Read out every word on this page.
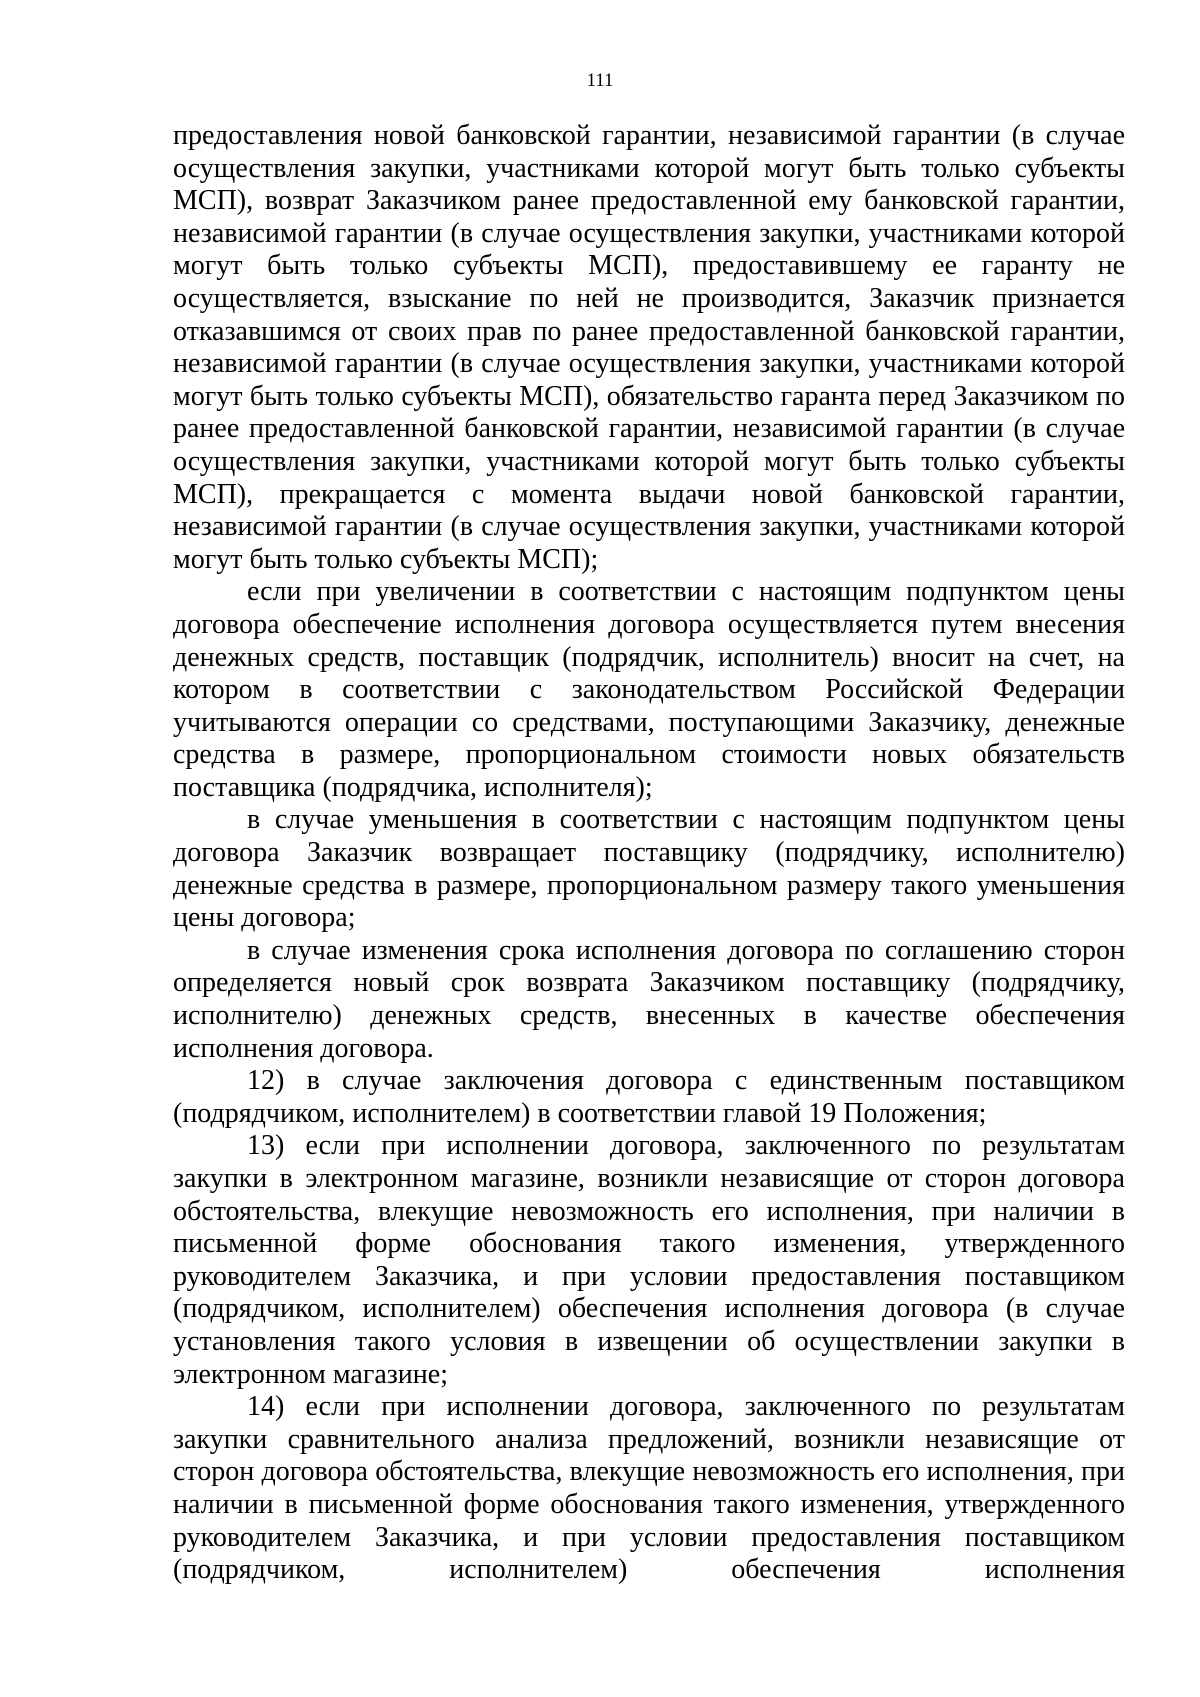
111

предоставления новой банковской гарантии, независимой гарантии (в случае осуществления закупки, участниками которой могут быть только субъекты МСП), возврат Заказчиком ранее предоставленной ему банковской гарантии, независимой гарантии (в случае осуществления закупки, участниками которой могут быть только субъекты МСП), предоставившему ее гаранту не осуществляется, взыскание по ней не производится, Заказчик признается отказавшимся от своих прав по ранее предоставленной банковской гарантии, независимой гарантии (в случае осуществления закупки, участниками которой могут быть только субъекты МСП), обязательство гаранта перед Заказчиком по ранее предоставленной банковской гарантии, независимой гарантии (в случае осуществления закупки, участниками которой могут быть только субъекты МСП), прекращается с момента выдачи новой банковской гарантии, независимой гарантии (в случае осуществления закупки, участниками которой могут быть только субъекты МСП);

если при увеличении в соответствии с настоящим подпунктом цены договора обеспечение исполнения договора осуществляется путем внесения денежных средств, поставщик (подрядчик, исполнитель) вносит на счет, на котором в соответствии с законодательством Российской Федерации учитываются операции со средствами, поступающими Заказчику, денежные средства в размере, пропорциональном стоимости новых обязательств поставщика (подрядчика, исполнителя);

в случае уменьшения в соответствии с настоящим подпунктом цены договора Заказчик возвращает поставщику (подрядчику, исполнителю) денежные средства в размере, пропорциональном размеру такого уменьшения цены договора;

в случае изменения срока исполнения договора по соглашению сторон определяется новый срок возврата Заказчиком поставщику (подрядчику, исполнителю) денежных средств, внесенных в качестве обеспечения исполнения договора.

12) в случае заключения договора с единственным поставщиком (подрядчиком, исполнителем) в соответствии главой 19 Положения;

13) если при исполнении договора, заключенного по результатам закупки в электронном магазине, возникли независящие от сторон договора обстоятельства, влекущие невозможность его исполнения, при наличии в письменной форме обоснования такого изменения, утвержденного руководителем Заказчика, и при условии предоставления поставщиком (подрядчиком, исполнителем) обеспечения исполнения договора (в случае установления такого условия в извещении об осуществлении закупки в электронном магазине;

14) если при исполнении договора, заключенного по результатам закупки сравнительного анализа предложений, возникли независящие от сторон договора обстоятельства, влекущие невозможность его исполнения, при наличии в письменной форме обоснования такого изменения, утвержденного руководителем Заказчика, и при условии предоставления поставщиком (подрядчиком, исполнителем) обеспечения исполнения
